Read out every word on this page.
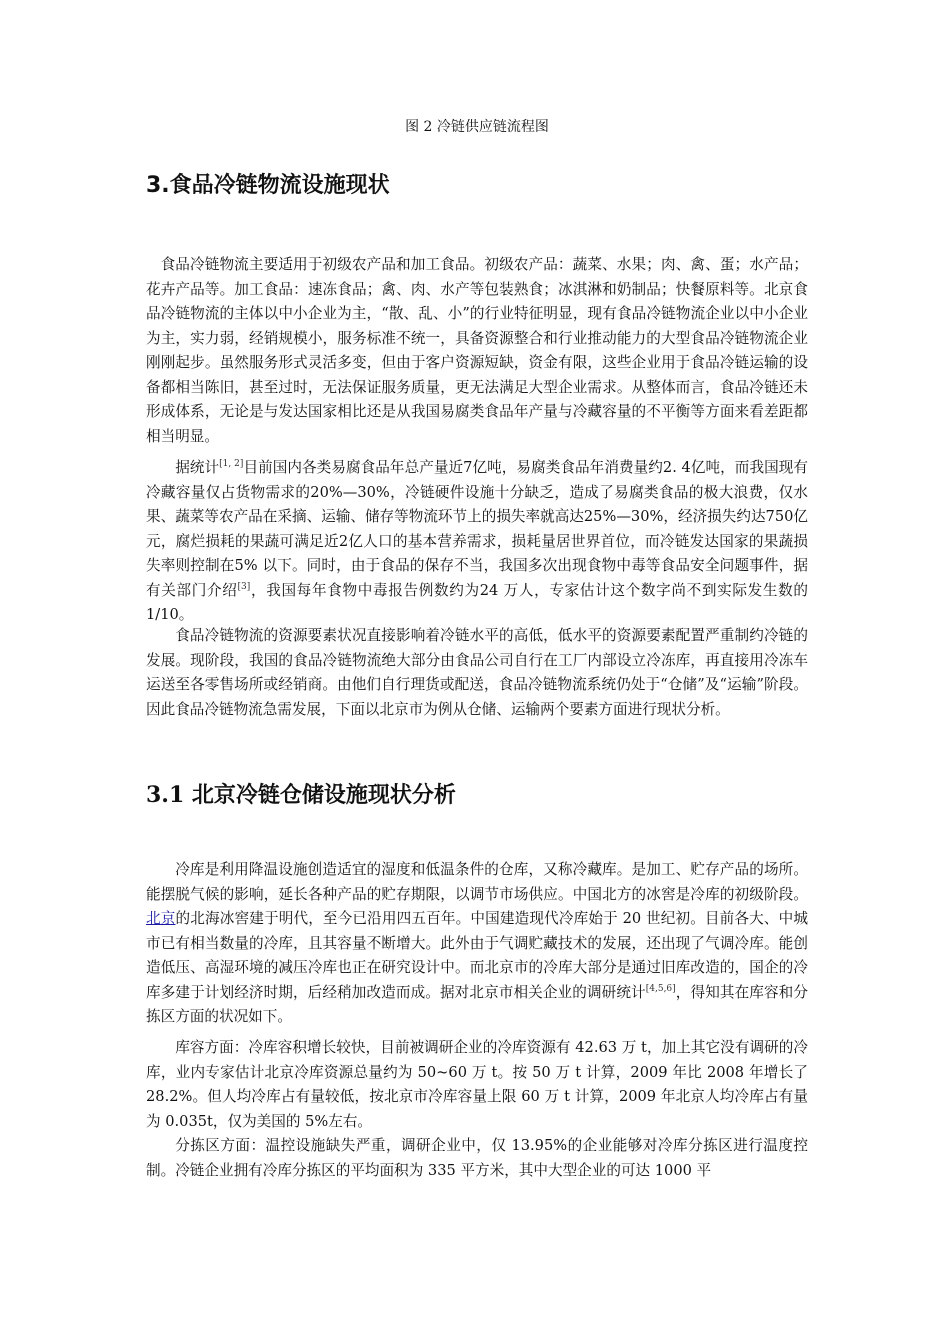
图 2 冷链供应链流程图
3.食品冷链物流设施现状

食品冷链物流主要适用于初级农产品和加工食品。初级农产品：蔬菜、水果；肉、禽、蛋；水产品；花卉产品等。加工食品：速冻食品；禽、肉、水产等包装熟食；冰淇淋和奶制品；快餐原料等。北京食品冷链物流的主体以中小企业为主，“散、乱、小”的行业特征明显，现有食品冷链物流企业以中小企业为主，实力弱，经销规模小，服务标准不统一，具备资源整合和行业推动能力的大型食品冷链物流企业刚刚起步。虽然服务形式灵活多变，但由于客户资源短缺，资金有限，这些企业用于食品冷链运输的设备都相当陈旧，甚至过时，无法保证服务质量，更无法满足大型企业需求。从整体而言，食品冷链还未形成体系，无论是与发达国家相比还是从我国易腐类食品年产量与冷藏容量的不平衡等方面来看差距都相当明显。

据统计[1, 2]目前国内各类易腐食品年总产量近7亿吨，易腐类食品年消费量约2. 4亿吨，而我国现有冷藏容量仅占货物需求的20%—30%，冷链硬件设施十分缺乏，造成了易腐类食品的极大浪费，仅水果、蔬菜等农产品在采摘、运输、储存等物流环节上的损失率就高达25%—30%，经济损失约达750亿元，腐烂损耗的果蔬可满足近2亿人口的基本营养需求，损耗量居世界首位，而冷链发达国家的果蔬损失率则控制在5% 以下。同时，由于食品的保存不当，我国多次出现食物中毒等食品安全问题事件，据有关部门介绍[3]，我国每年食物中毒报告例数约为24 万人，专家估计这个数字尚不到实际发生数的1/10。

食品冷链物流的资源要素状况直接影响着冷链水平的高低，低水平的资源要素配置严重制约冷链的发展。现阶段，我国的食品冷链物流绝大部分由食品公司自行在工厂内部设立冷冻库，再直接用冷冻车运送至各零售场所或经销商。由他们自行理货或配送，食品冷链物流系统仍处于“仓储”及“运输”阶段。因此食品冷链物流急需发展，下面以北京市为例从仓储、运输两个要素方面进行现状分析。

3.1 北京冷链仓储设施现状分析

冷库是利用降温设施创造适宜的湿度和低温条件的仓库，又称冷藏库。是加工、贮存产品的场所。能摆脱气候的影响，延长各种产品的贮存期限，以调节市场供应。中国北方的冰窖是冷库的初级阶段。北京的北海冰窖建于明代，至今已沿用四五百年。中国建造现代冷库始于 20 世纪初。目前各大、中城市已有相当数量的冷库，且其容量不断增大。此外由于气调贮藏技术的发展，还出现了气调冷库。能创造低压、高湿环境的减压冷库也正在研究设计中。而北京市的冷库大部分是通过旧库改造的，国企的冷库多建于计划经济时期，后经稍加改造而成。据对北京市相关企业的调研统计[4,5,6]，得知其在库容和分拣区方面的状况如下。

库容方面：冷库容积增长较快，目前被调研企业的冷库资源有 42.63 万 t，加上其它没有调研的冷库，业内专家估计北京冷库资源总量约为 50~60 万 t。按 50 万 t 计算，2009 年比 2008 年增长了 28.2%。但人均冷库占有量较低，按北京市冷库容量上限 60 万 t 计算，2009 年北京人均冷库占有量为 0.035t，仅为美国的 5%左右。

分拣区方面：温控设施缺失严重，调研企业中，仅 13.95%的企业能够对冷库分拣区进行温度控制。冷链企业拥有冷库分拣区的平均面积为 335 平方米，其中大型企业的可达 1000 平
